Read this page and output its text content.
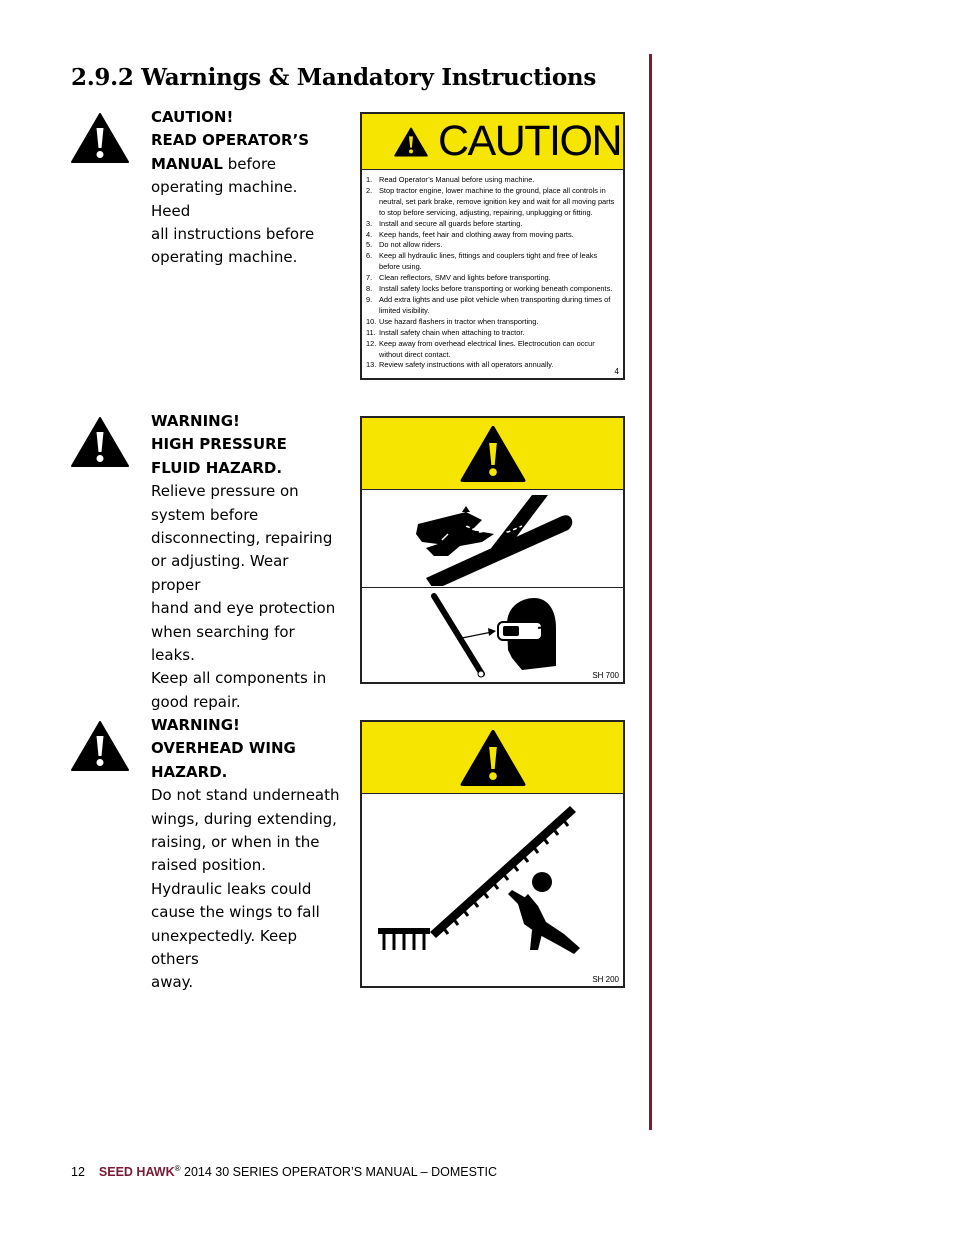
2.9.2 Warnings & Mandatory Instructions
CAUTION!
READ OPERATOR’S
MANUAL before
operating machine. Heed
all instructions before
operating machine.
CAUTION
1. Read Operator’s Manual before using machine.
2. Stop tractor engine, lower machine to the ground, place all controls in neutral, set park brake, remove ignition key and wait for all moving parts to stop before servicing, adjusting, repairing, unplugging or fitting.
3. Install and secure all guards before starting.
4. Keep hands, feet hair and clothing away from moving parts.
5. Do not allow riders.
6. Keep all hydraulic lines, fittings and couplers tight and free of leaks before using.
7. Clean reflectors, SMV and lights before transporting.
8. Install safety locks before transporting or working beneath components.
9. Add extra lights and use pilot vehicle when transporting during times of limited visibility.
10. Use hazard flashers in tractor when transporting.
11. Install safety chain when attaching to tractor.
12. Keep away from overhead electrical lines. Electrocution can occur without direct contact.
13. Review safety instructions with all operators annually.
4
WARNING!
HIGH PRESSURE
FLUID HAZARD.
Relieve pressure on
system before
disconnecting, repairing
or adjusting. Wear proper
hand and eye protection
when searching for leaks.
Keep all components in
good repair.
SH 700
WARNING!
OVERHEAD WING
HAZARD.
Do not stand underneath
wings, during extending,
raising, or when in the
raised position.
Hydraulic leaks could
cause the wings to fall
unexpectedly. Keep others
away.	SH 200
12 SEED HAWK® 2014 30 SERIES OPERATOR’S MANUAL – DOMESTIC
